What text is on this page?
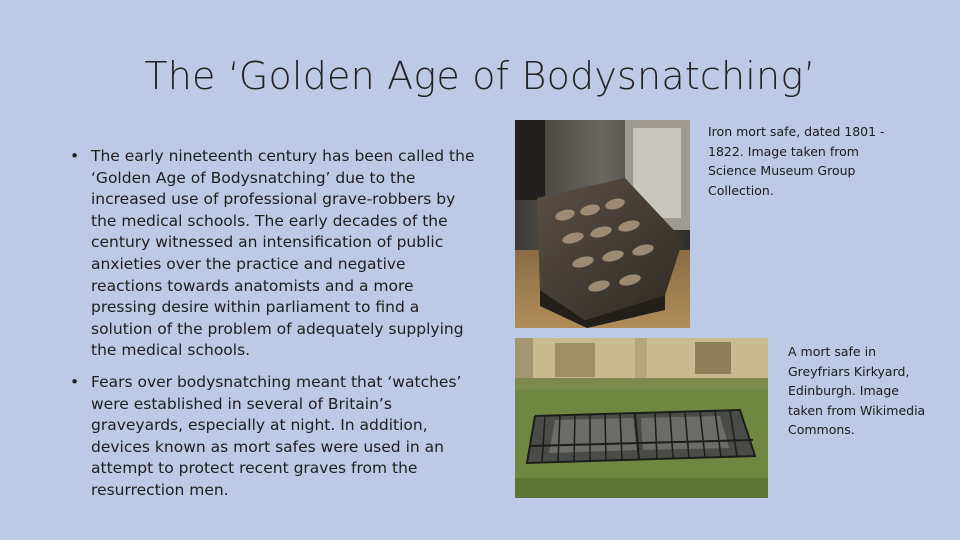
The ‘Golden Age of Bodysnatching’
• The early nineteenth century has been called the ‘Golden Age of Bodysnatching’ due to the increased use of professional grave-robbers by the medical schools. The early decades of the century witnessed an intensification of public anxieties over the practice and negative reactions towards anatomists and a more pressing desire within parliament to find a solution of the problem of adequately supplying the medical schools.
• Fears over bodysnatching meant that ‘watches’ were established in several of Britain’s graveyards, especially at night. In addition, devices known as mort safes were used in an attempt to protect recent graves from the resurrection men.
Iron mort safe, dated 1801 - 1822. Image taken from Science Museum Group Collection.
A mort safe in Greyfriars Kirkyard, Edinburgh. Image taken from Wikimedia Commons.
